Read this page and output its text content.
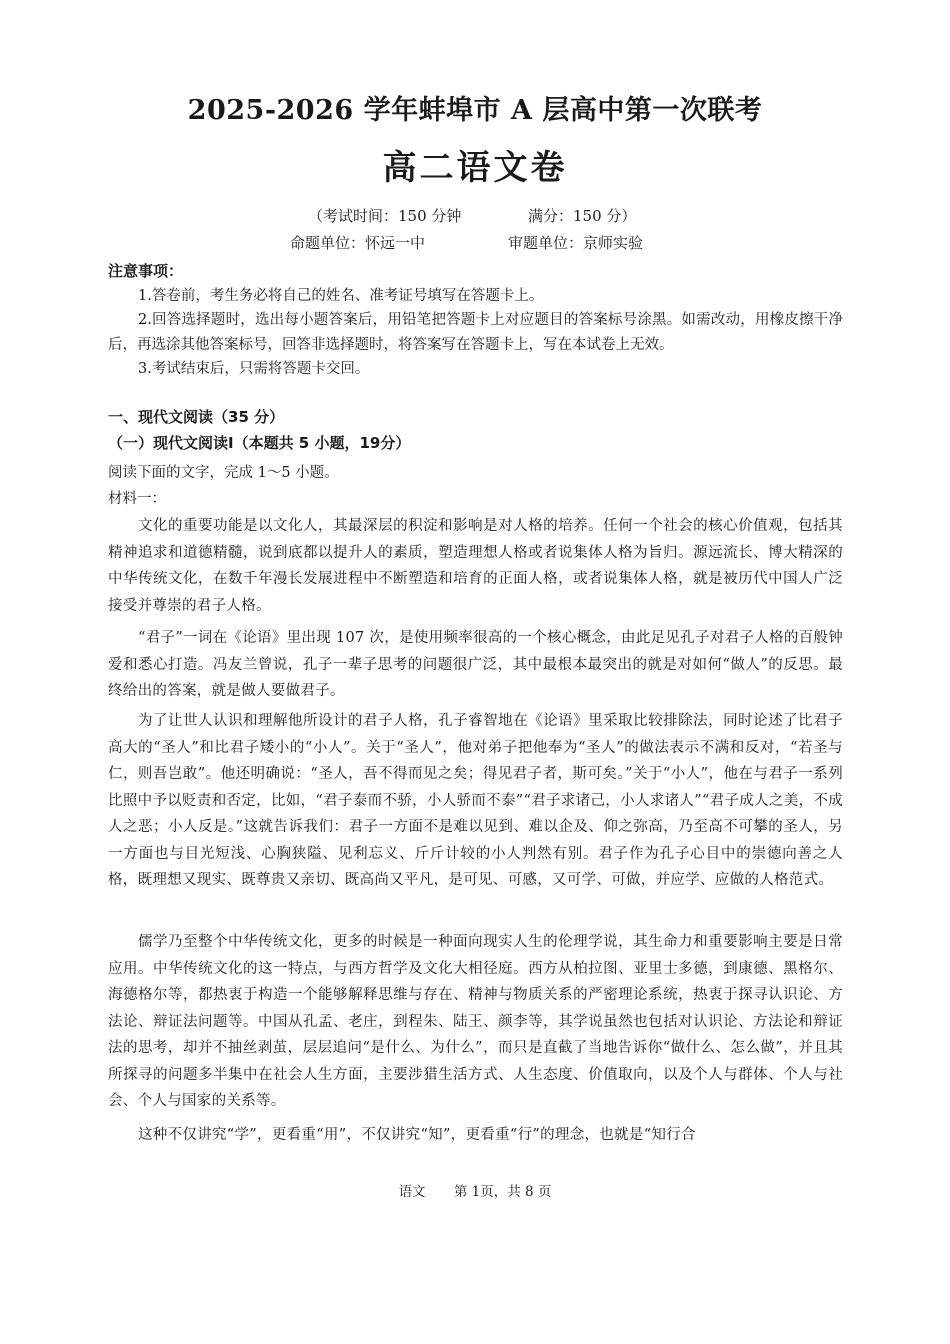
2025-2026 学年蚌埠市 A 层高中第一次联考
高二语文卷
（考试时间：150 分钟	满分：150 分）
命题单位：怀远一中	审题单位：京师实验
注意事项：
1.答卷前，考生务必将自己的姓名、准考证号填写在答题卡上。
2.回答选择题时，选出每小题答案后，用铅笔把答题卡上对应题目的答案标号涂黑。如需改动，用橡皮擦干净后，再选涂其他答案标号，回答非选择题时，将答案写在答题卡上，写在本试卷上无效。
3.考试结束后，只需将答题卡交回。
一、现代文阅读（35 分）
（一）现代文阅读Ⅰ（本题共 5 小题，19分）
阅读下面的文字，完成 1～5 小题。
材料一：
文化的重要功能是以文化人，其最深层的积淀和影响是对人格的培养。任何一个社会的核心价值观，包括其精神追求和道德精髓，说到底都以提升人的素质，塑造理想人格或者说集体人格为旨归。源远流长、博大精深的中华传统文化，在数千年漫长发展进程中不断塑造和培育的正面人格，或者说集体人格，就是被历代中国人广泛接受并尊崇的君子人格。
“君子”一词在《论语》里出现 107 次，是使用频率很高的一个核心概念，由此足见孔子对君子人格的百般钟爱和悉心打造。冯友兰曾说，孔子一辈子思考的问题很广泛，其中最根本最突出的就是对如何“做人”的反思。最终给出的答案，就是做人要做君子。
为了让世人认识和理解他所设计的君子人格，孔子睿智地在《论语》里采取比较排除法，同时论述了比君子高大的“圣人”和比君子矮小的“小人”。关于“圣人”，他对弟子把他奉为“圣人”的做法表示不满和反对，“若圣与仁，则吾岂敢”。他还明确说：“圣人，吾不得而见之矣；得见君子者，斯可矣。”关于“小人”，他在与君子一系列比照中予以贬责和否定，比如，“君子泰而不骄，小人骄而不泰”“君子求诸己，小人求诸人”“君子成人之美，不成人之恶；小人反是。”这就告诉我们：君子一方面不是难以见到、难以企及、仰之弥高，乃至高不可攀的圣人，另一方面也与目光短浅、心胸狭隘、见利忘义、斤斤计较的小人判然有别。君子作为孔子心目中的崇德向善之人格，既理想又现实、既尊贵又亲切、既高尚又平凡，是可见、可感，又可学、可做，并应学、应做的人格范式。
儒学乃至整个中华传统文化，更多的时候是一种面向现实人生的伦理学说，其生命力和重要影响主要是日常应用。中华传统文化的这一特点，与西方哲学及文化大相径庭。西方从柏拉图、亚里士多德，到康德、黑格尔、海德格尔等，都热衷于构造一个能够解释思维与存在、精神与物质关系的严密理论系统，热衷于探寻认识论、方法论、辩证法问题等。中国从孔孟、老庄，到程朱、陆王、颜李等，其学说虽然也包括对认识论、方法论和辩证法的思考，却并不抽丝剥茧，层层追问“是什么、为什么”，而只是直截了当地告诉你“做什么、怎么做”，并且其所探寻的问题多半集中在社会人生方面，主要涉猎生活方式、人生态度、价值取向，以及个人与群体、个人与社会、个人与国家的关系等。
这种不仅讲究“学”，更看重“用”，不仅讲究“知”，更看重“行”的理念，也就是“知行合
语文 第 1页，共 8 页
